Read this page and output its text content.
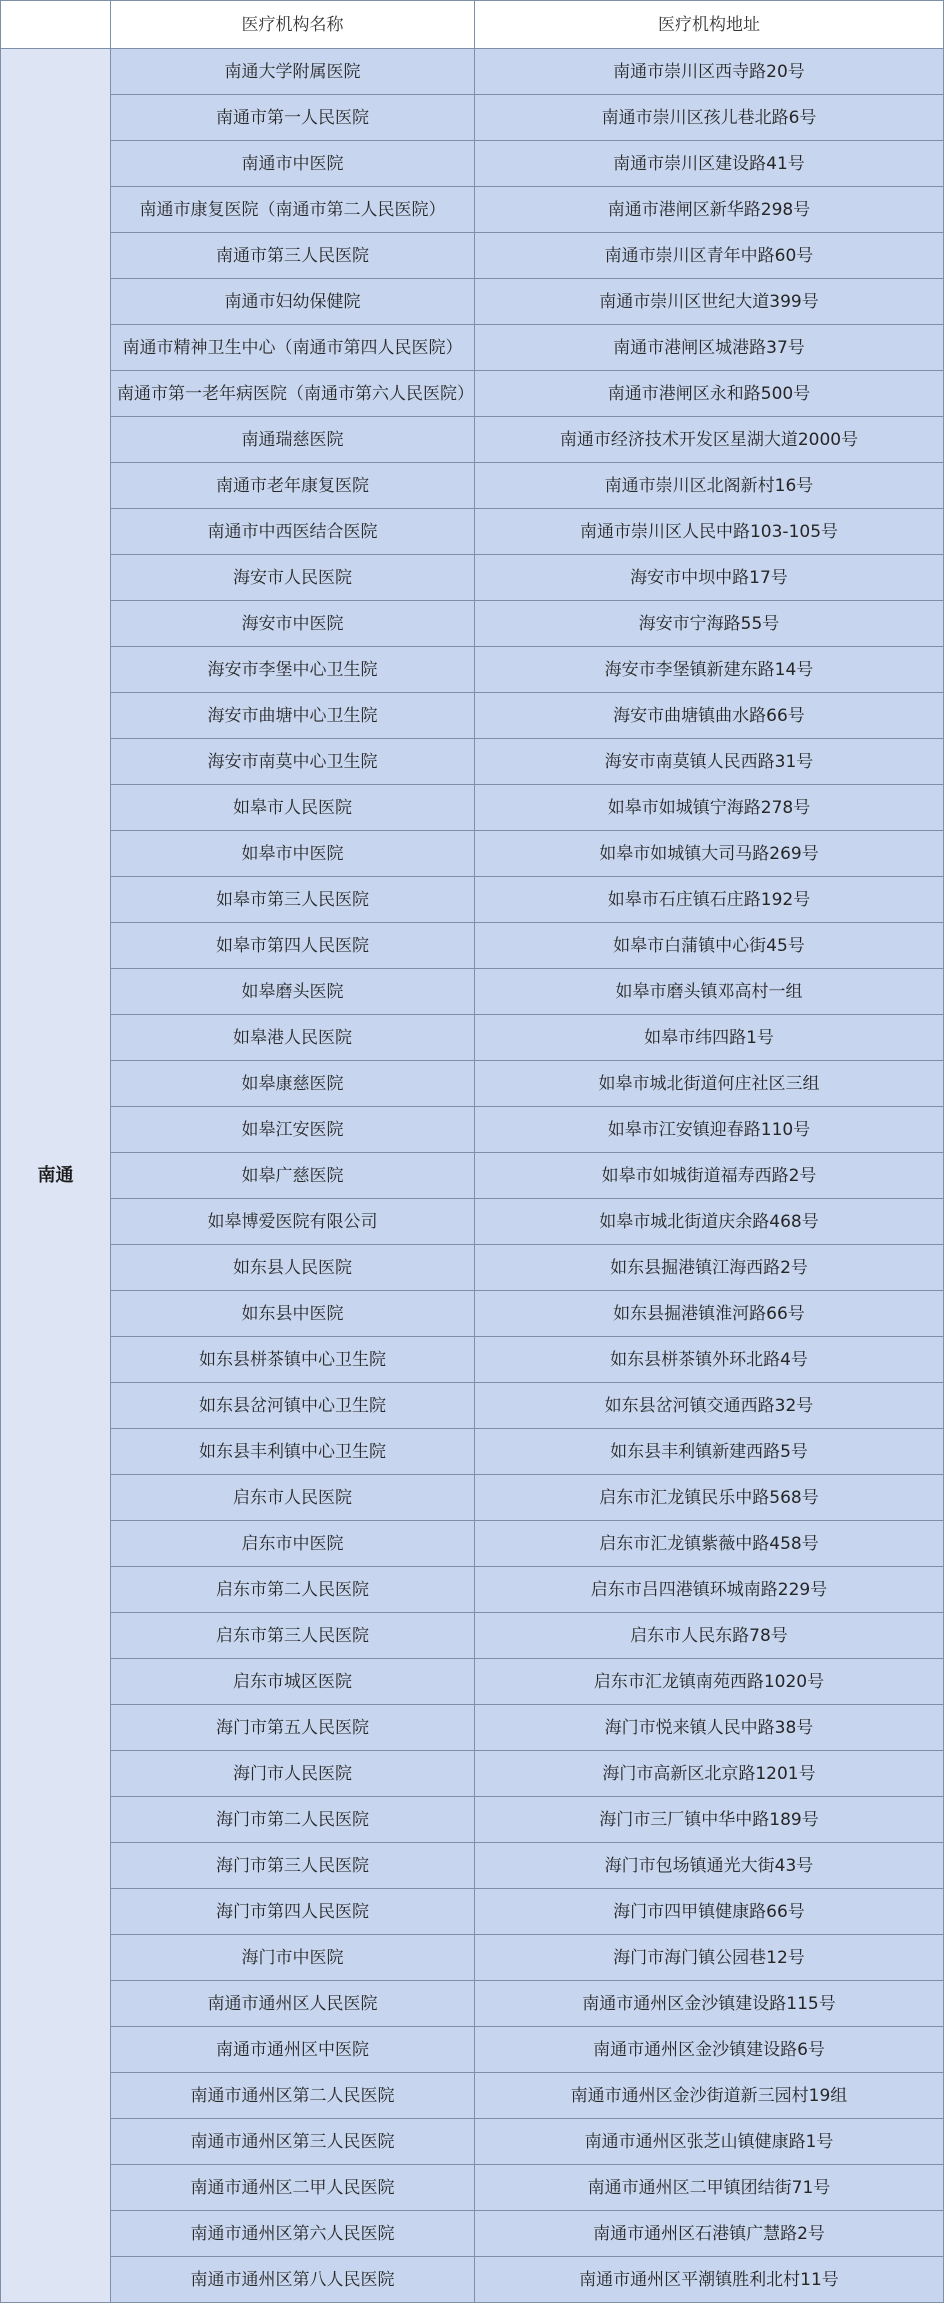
	医疗机构名称	医疗机构地址
南通	南通大学附属医院	南通市崇川区西寺路20号
	南通市第一人民医院	南通市崇川区孩儿巷北路6号
	南通市中医院	南通市崇川区建设路41号
	南通市康复医院（南通市第二人民医院）	南通市港闸区新华路298号
	南通市第三人民医院	南通市崇川区青年中路60号
	南通市妇幼保健院	南通市崇川区世纪大道399号
	南通市精神卫生中心（南通市第四人民医院）	南通市港闸区城港路37号
	南通市第一老年病医院（南通市第六人民医院）	南通市港闸区永和路500号
	南通瑞慈医院	南通市经济技术开发区星湖大道2000号
	南通市老年康复医院	南通市崇川区北阁新村16号
	南通市中西医结合医院	南通市崇川区人民中路103-105号
	海安市人民医院	海安市中坝中路17号
	海安市中医院	海安市宁海路55号
	海安市李堡中心卫生院	海安市李堡镇新建东路14号
	海安市曲塘中心卫生院	海安市曲塘镇曲水路66号
	海安市南莫中心卫生院	海安市南莫镇人民西路31号
	如皋市人民医院	如皋市如城镇宁海路278号
	如皋市中医院	如皋市如城镇大司马路269号
	如皋市第三人民医院	如皋市石庄镇石庄路192号
	如皋市第四人民医院	如皋市白蒲镇中心街45号
	如皋磨头医院	如皋市磨头镇邓高村一组
	如皋港人民医院	如皋市纬四路1号
	如皋康慈医院	如皋市城北街道何庄社区三组
	如皋江安医院	如皋市江安镇迎春路110号
	如皋广慈医院	如皋市如城街道福寿西路2号
	如皋博爱医院有限公司	如皋市城北街道庆余路468号
	如东县人民医院	如东县掘港镇江海西路2号
	如东县中医院	如东县掘港镇淮河路66号
	如东县栟茶镇中心卫生院	如东县栟茶镇外环北路4号
	如东县岔河镇中心卫生院	如东县岔河镇交通西路32号
	如东县丰利镇中心卫生院	如东县丰利镇新建西路5号
	启东市人民医院	启东市汇龙镇民乐中路568号
	启东市中医院	启东市汇龙镇紫薇中路458号
	启东市第二人民医院	启东市吕四港镇环城南路229号
	启东市第三人民医院	启东市人民东路78号
	启东市城区医院	启东市汇龙镇南苑西路1020号
	海门市第五人民医院	海门市悦来镇人民中路38号
	海门市人民医院	海门市高新区北京路1201号
	海门市第二人民医院	海门市三厂镇中华中路189号
	海门市第三人民医院	海门市包场镇通光大街43号
	海门市第四人民医院	海门市四甲镇健康路66号
	海门市中医院	海门市海门镇公园巷12号
	南通市通州区人民医院	南通市通州区金沙镇建设路115号
	南通市通州区中医院	南通市通州区金沙镇建设路6号
	南通市通州区第二人民医院	南通市通州区金沙街道新三园村19组
	南通市通州区第三人民医院	南通市通州区张芝山镇健康路1号
	南通市通州区二甲人民医院	南通市通州区二甲镇团结街71号
	南通市通州区第六人民医院	南通市通州区石港镇广慧路2号
	南通市通州区第八人民医院	南通市通州区平潮镇胜利北村11号
